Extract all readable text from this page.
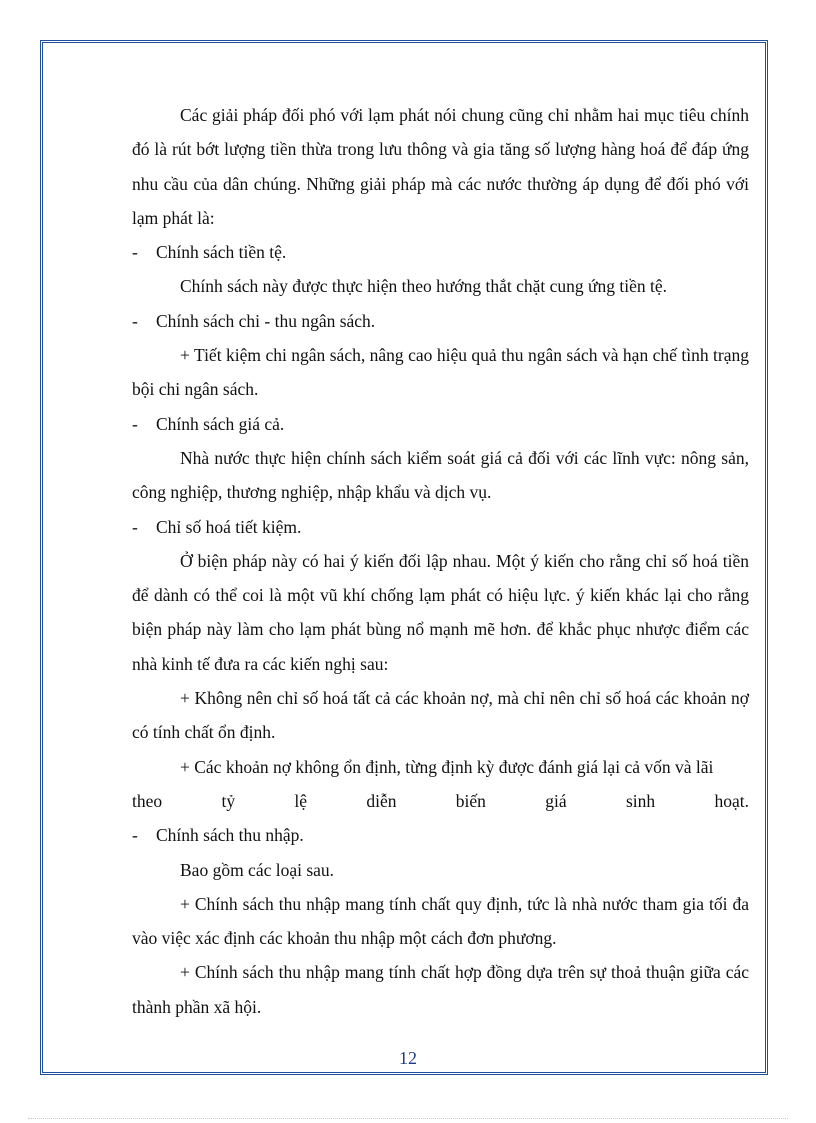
Các giải pháp đối phó với lạm phát nói chung cũng chỉ nhằm hai mục tiêu chính đó là rút bớt lượng tiền thừa trong lưu thông và gia tăng số lượng hàng hoá để đáp ứng nhu cầu của dân chúng. Những giải pháp mà các nước thường áp dụng để đối phó với lạm phát là:

-	Chính sách tiền tệ.

Chính sách này được thực hiện theo hướng thắt chặt cung ứng tiền tệ.

-	Chính sách chi - thu ngân sách.

+ Tiết kiệm chi ngân sách, nâng cao hiệu quả thu ngân sách và hạn chế tình trạng bội chi ngân sách.

-	Chính sách giá cả.

Nhà nước thực hiện chính sách kiểm soát giá cả đối với các lĩnh vực: nông sản, công nghiệp, thương nghiệp, nhập khẩu và dịch vụ.

-	Chỉ số hoá tiết kiệm.

Ở biện pháp này có hai ý kiến đối lập nhau. Một ý kiến cho rằng chỉ số hoá tiền để dành có thể coi là một vũ khí chống lạm phát có hiệu lực. ý kiến khác lại cho rằng biện pháp này làm cho lạm phát bùng nổ mạnh mẽ hơn. để khắc phục nhược điểm các nhà kinh tế đưa ra các kiến nghị sau:

+ Không nên chỉ số hoá tất cả các khoản nợ, mà chỉ nên chỉ số hoá các khoản nợ có tính chất ổn định.

+ Các khoản nợ không ổn định, từng định kỳ được đánh giá lại cả vốn và lãi

theo	tỷ	lệ	diễn	biến	giá	sinh	hoạt.

-	Chính sách thu nhập.

Bao gồm các loại sau.

+ Chính sách thu nhập mang tính chất quy định, tức là nhà nước tham gia tối đa vào việc xác định các khoản thu nhập một cách đơn phương.

+ Chính sách thu nhập mang tính chất hợp đồng dựa trên sự thoả thuận giữa các thành phần xã hội.

12
